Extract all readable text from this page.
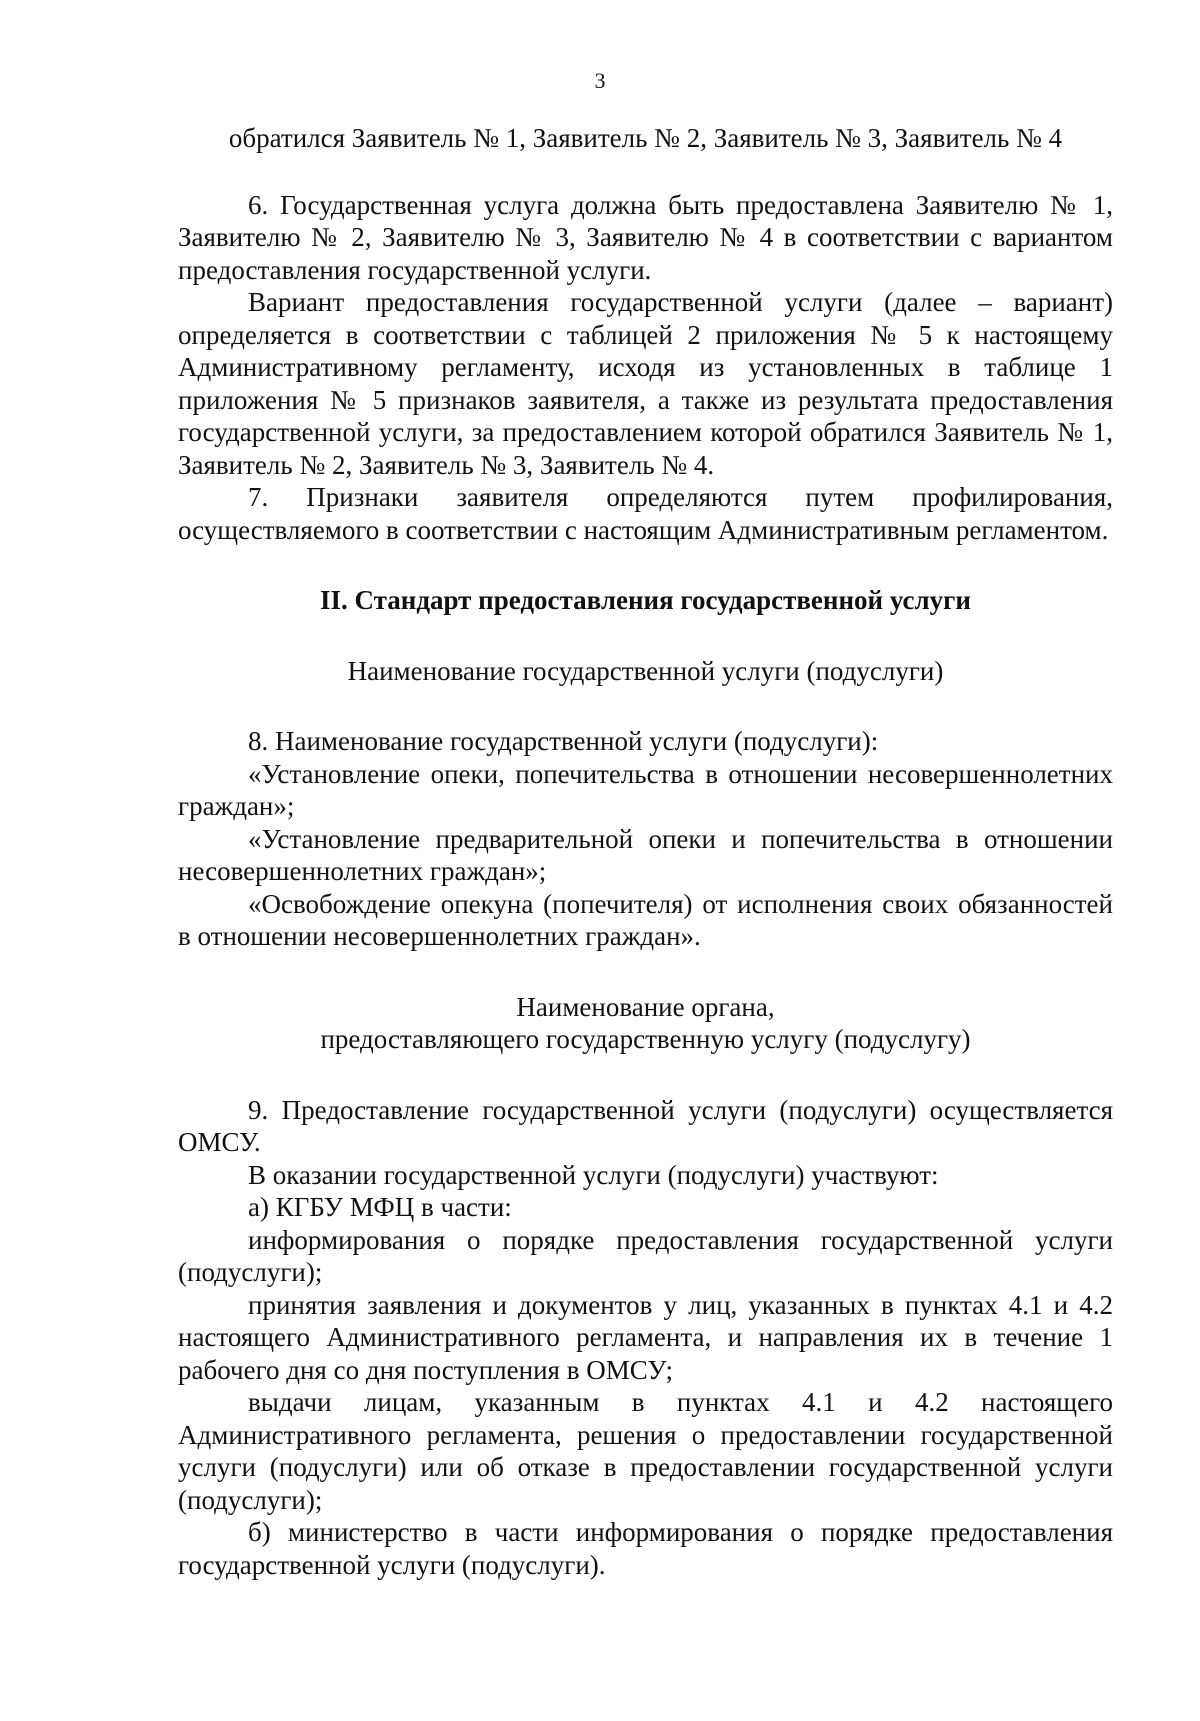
3

обратился Заявитель № 1, Заявитель № 2, Заявитель № 3, Заявитель № 4

6. Государственная услуга должна быть предоставлена Заявителю № 1, Заявителю № 2, Заявителю № 3, Заявителю № 4 в соответствии с вариантом предоставления государственной услуги.

Вариант предоставления государственной услуги (далее – вариант) определяется в соответствии с таблицей 2 приложения № 5 к настоящему Административному регламенту, исходя из установленных в таблице 1 приложения № 5 признаков заявителя, а также из результата предоставления государственной услуги, за предоставлением которой обратился Заявитель № 1, Заявитель № 2, Заявитель № 3, Заявитель № 4.

7. Признаки заявителя определяются путем профилирования, осуществляемого в соответствии с настоящим Административным регламентом.

II. Стандарт предоставления государственной услуги

Наименование государственной услуги (подуслуги)

8. Наименование государственной услуги (подуслуги):

«Установление опеки, попечительства в отношении несовершеннолетних граждан»;

«Установление предварительной опеки и попечительства в отношении несовершеннолетних граждан»;

«Освобождение опекуна (попечителя) от исполнения своих обязанностей в отношении несовершеннолетних граждан».

Наименование органа,

предоставляющего государственную услугу (подуслугу)

9. Предоставление государственной услуги (подуслуги) осуществляется ОМСУ.

В оказании государственной услуги (подуслуги) участвуют:

а) КГБУ МФЦ в части:

информирования о порядке предоставления государственной услуги (подуслуги);

принятия заявления и документов у лиц, указанных в пунктах 4.1 и 4.2 настоящего Административного регламента, и направления их в течение 1 рабочего дня со дня поступления в ОМСУ;

выдачи лицам, указанным в пунктах 4.1 и 4.2 настоящего Административного регламента, решения о предоставлении государственной услуги (подуслуги) или об отказе в предоставлении государственной услуги (подуслуги);

б) министерство в части информирования о порядке предоставления государственной услуги (подуслуги).
